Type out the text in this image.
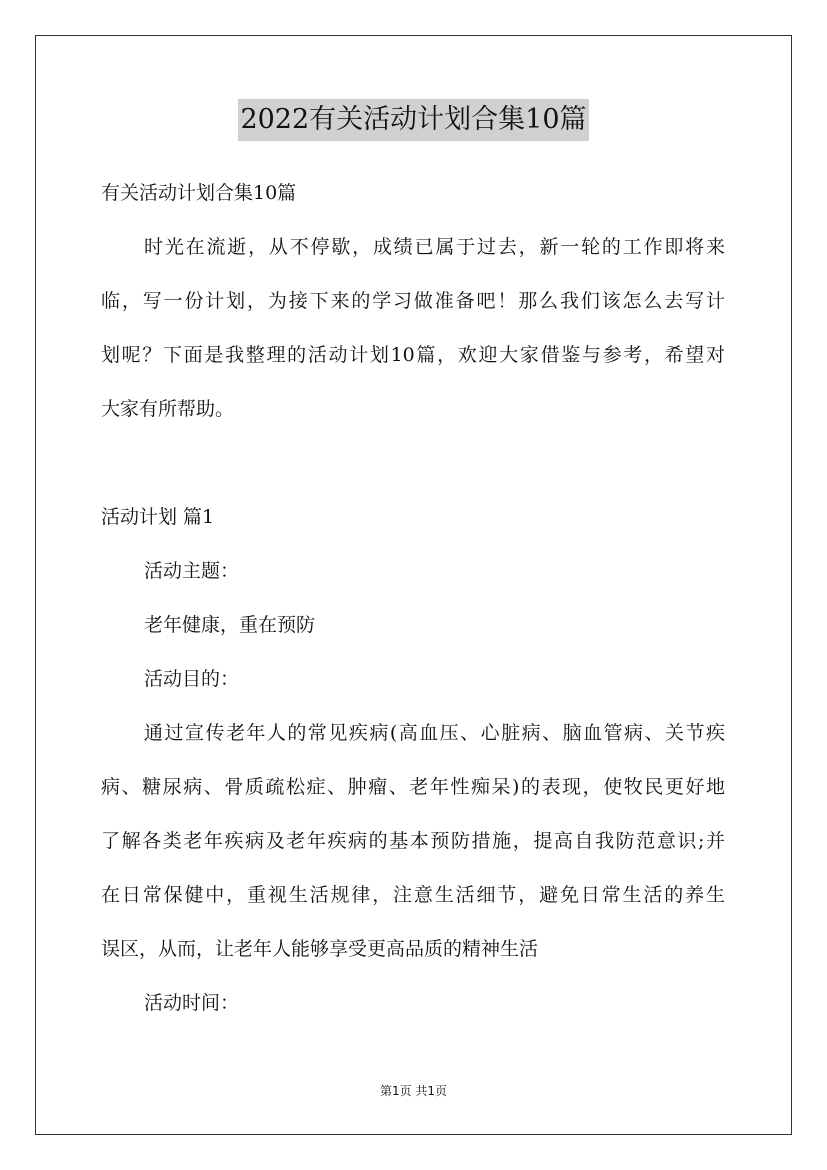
2022有关活动计划合集10篇
有关活动计划合集10篇
时光在流逝，从不停歇，成绩已属于过去，新一轮的工作即将来
临，写一份计划，为接下来的学习做准备吧！那么我们该怎么去写计
划呢？下面是我整理的活动计划10篇，欢迎大家借鉴与参考，希望对
大家有所帮助。
活动计划 篇1
活动主题：
老年健康，重在预防
活动目的：
通过宣传老年人的常见疾病(高血压、心脏病、脑血管病、关节疾
病、糖尿病、骨质疏松症、肿瘤、老年性痴呆)的表现，使牧民更好地
了解各类老年疾病及老年疾病的基本预防措施，提高自我防范意识;并
在日常保健中，重视生活规律，注意生活细节，避免日常生活的养生
误区，从而，让老年人能够享受更高品质的精神生活
活动时间：
第1页 共1页
